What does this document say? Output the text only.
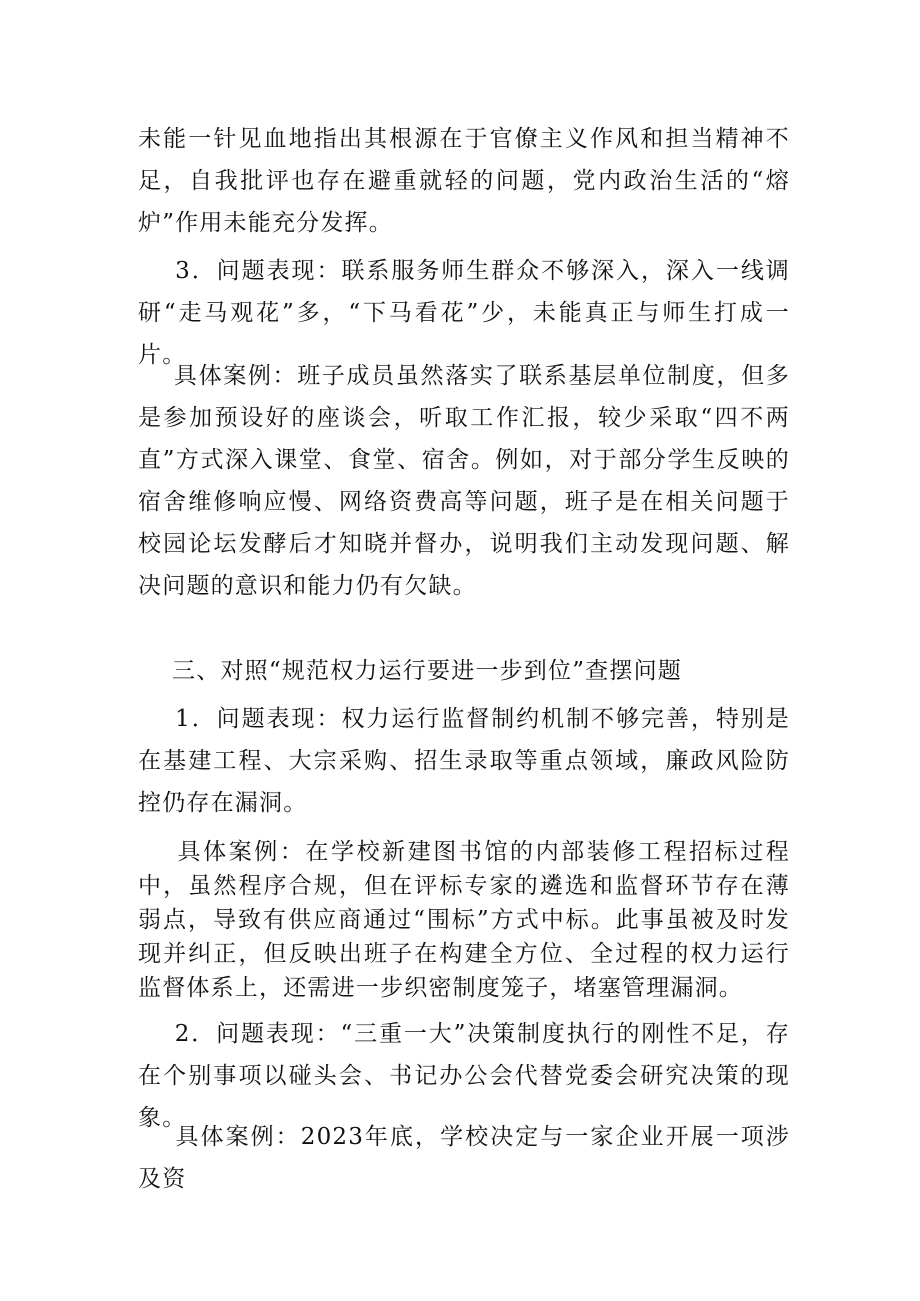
未能一针见血地指出其根源在于官僚主义作风和担当精神不足，自我批评也存在避重就轻的问题，党内政治生活的“熔炉”作用未能充分发挥。

3．问题表现：联系服务师生群众不够深入，深入一线调研“走马观花”多，“下马看花”少，未能真正与师生打成一片。

具体案例：班子成员虽然落实了联系基层单位制度，但多是参加预设好的座谈会，听取工作汇报，较少采取“四不两直”方式深入课堂、食堂、宿舍。例如，对于部分学生反映的宿舍维修响应慢、网络资费高等问题，班子是在相关问题于校园论坛发酵后才知晓并督办，说明我们主动发现问题、解决问题的意识和能力仍有欠缺。

三、对照“规范权力运行要进一步到位”查摆问题

1．问题表现：权力运行监督制约机制不够完善，特别是在基建工程、大宗采购、招生录取等重点领域，廉政风险防控仍存在漏洞。

具体案例：在学校新建图书馆的内部装修工程招标过程中，虽然程序合规，但在评标专家的遴选和监督环节存在薄弱点，导致有供应商通过“围标”方式中标。此事虽被及时发现并纠正，但反映出班子在构建全方位、全过程的权力运行监督体系上，还需进一步织密制度笼子，堵塞管理漏洞。

2．问题表现：“三重一大”决策制度执行的刚性不足，存在个别事项以碰头会、书记办公会代替党委会研究决策的现象。

具体案例：2023年底，学校决定与一家企业开展一项涉及资
